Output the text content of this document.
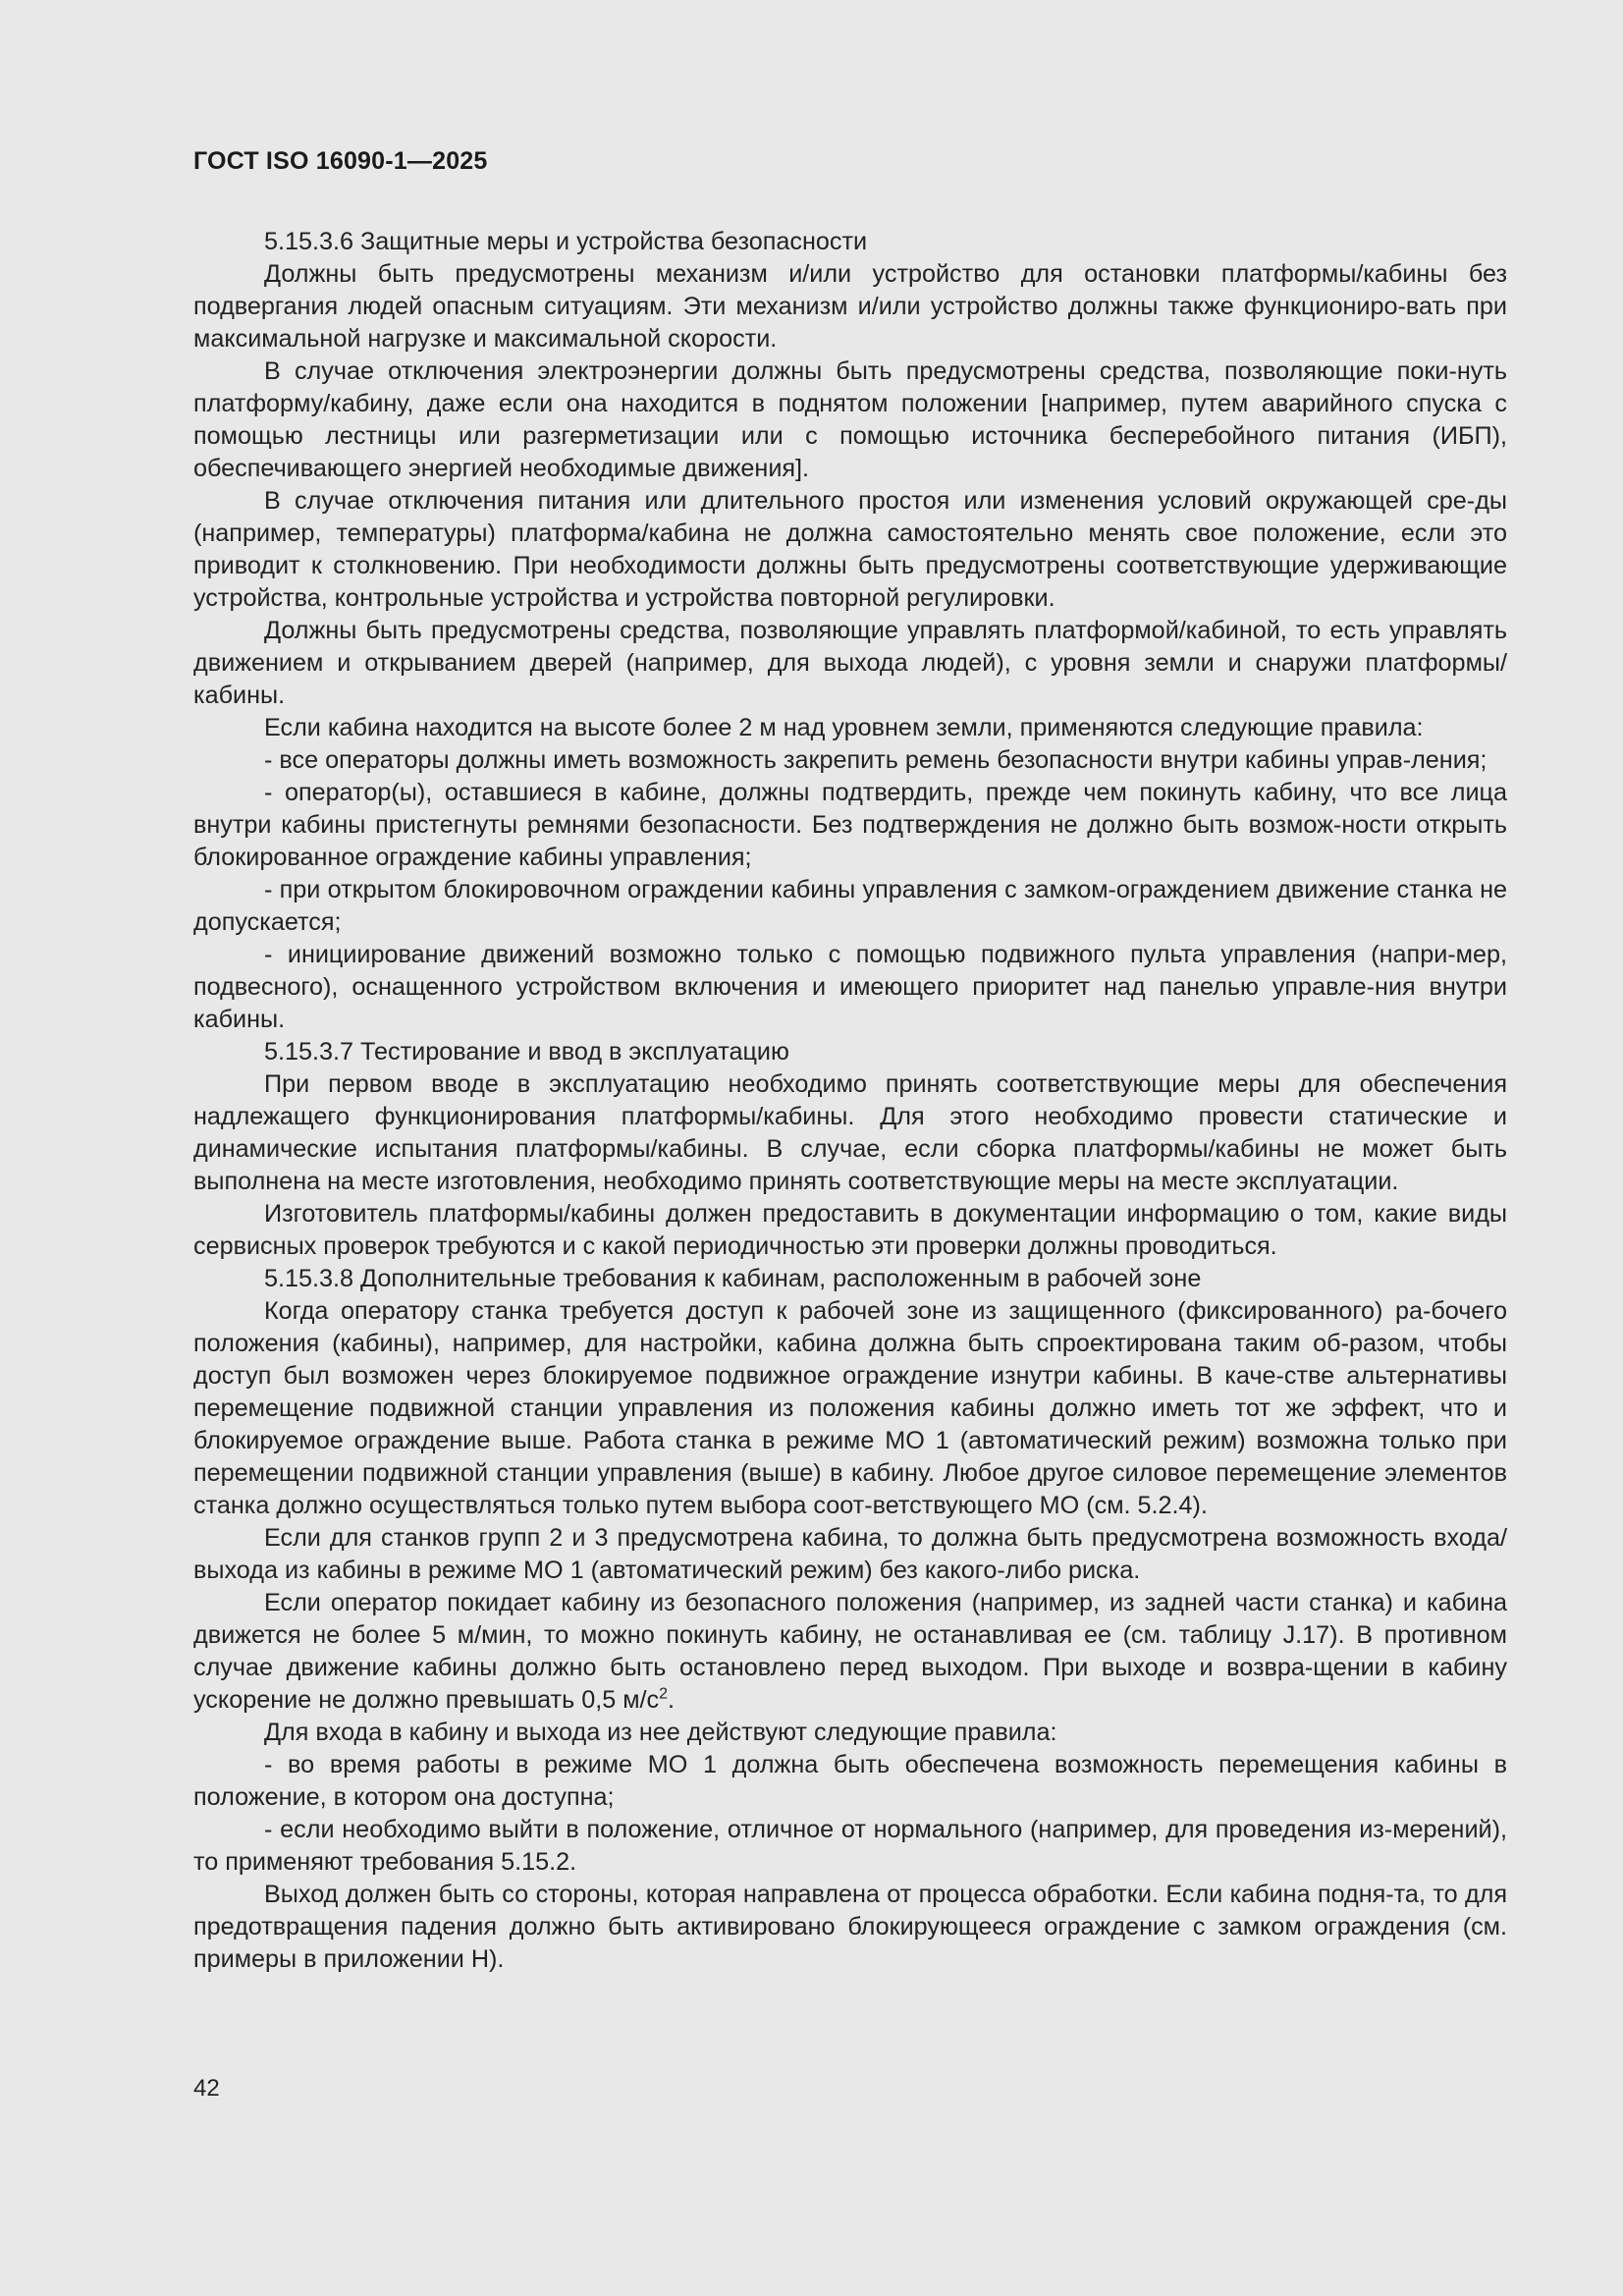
ГОСТ ISO 16090-1—2025

5.15.3.6 Защитные меры и устройства безопасности

Должны быть предусмотрены механизм и/или устройство для остановки платформы/кабины без подвергания людей опасным ситуациям. Эти механизм и/или устройство должны также функциониро-вать при максимальной нагрузке и максимальной скорости.

В случае отключения электроэнергии должны быть предусмотрены средства, позволяющие поки-нуть платформу/кабину, даже если она находится в поднятом положении [например, путем аварийного спуска с помощью лестницы или разгерметизации или с помощью источника бесперебойного питания (ИБП), обеспечивающего энергией необходимые движения].

В случае отключения питания или длительного простоя или изменения условий окружающей сре-ды (например, температуры) платформа/кабина не должна самостоятельно менять свое положение, если это приводит к столкновению. При необходимости должны быть предусмотрены соответствующие удерживающие устройства, контрольные устройства и устройства повторной регулировки.

Должны быть предусмотрены средства, позволяющие управлять платформой/кабиной, то есть управлять движением и открыванием дверей (например, для выхода людей), с уровня земли и снаружи платформы/кабины.

Если кабина находится на высоте более 2 м над уровнем земли, применяются следующие правила:

- все операторы должны иметь возможность закрепить ремень безопасности внутри кабины управ-ления;

- оператор(ы), оставшиеся в кабине, должны подтвердить, прежде чем покинуть кабину, что все лица внутри кабины пристегнуты ремнями безопасности. Без подтверждения не должно быть возмож-ности открыть блокированное ограждение кабины управления;

- при открытом блокировочном ограждении кабины управления с замком-ограждением движение станка не допускается;

- инициирование движений возможно только с помощью подвижного пульта управления (напри-мер, подвесного), оснащенного устройством включения и имеющего приоритет над панелью управле-ния внутри кабины.

5.15.3.7 Тестирование и ввод в эксплуатацию

При первом вводе в эксплуатацию необходимо принять соответствующие меры для обеспечения надлежащего функционирования платформы/кабины. Для этого необходимо провести статические и динамические испытания платформы/кабины. В случае, если сборка платформы/кабины не может быть выполнена на месте изготовления, необходимо принять соответствующие меры на месте эксплуатации.

Изготовитель платформы/кабины должен предоставить в документации информацию о том, какие виды сервисных проверок требуются и с какой периодичностью эти проверки должны проводиться.

5.15.3.8 Дополнительные требования к кабинам, расположенным в рабочей зоне

Когда оператору станка требуется доступ к рабочей зоне из защищенного (фиксированного) ра-бочего положения (кабины), например, для настройки, кабина должна быть спроектирована таким об-разом, чтобы доступ был возможен через блокируемое подвижное ограждение изнутри кабины. В каче-стве альтернативы перемещение подвижной станции управления из положения кабины должно иметь тот же эффект, что и блокируемое ограждение выше. Работа станка в режиме МО 1 (автоматический режим) возможна только при перемещении подвижной станции управления (выше) в кабину. Любое другое силовое перемещение элементов станка должно осуществляться только путем выбора соот-ветствующего МО (см. 5.2.4).

Если для станков групп 2 и 3 предусмотрена кабина, то должна быть предусмотрена возможность входа/выхода из кабины в режиме МО 1 (автоматический режим) без какого-либо риска.

Если оператор покидает кабину из безопасного положения (например, из задней части станка) и кабина движется не более 5 м/мин, то можно покинуть кабину, не останавливая ее (см. таблицу J.17). В противном случае движение кабины должно быть остановлено перед выходом. При выходе и возвра-щении в кабину ускорение не должно превышать 0,5 $м/с^2$.

Для входа в кабину и выхода из нее действуют следующие правила:

- во время работы в режиме МО 1 должна быть обеспечена возможность перемещения кабины в положение, в котором она доступна;

- если необходимо выйти в положение, отличное от нормального (например, для проведения из-мерений), то применяют требования 5.15.2.

Выход должен быть со стороны, которая направлена от процесса обработки. Если кабина подня-та, то для предотвращения падения должно быть активировано блокирующееся ограждение с замком ограждения (см. примеры в приложении Н).

42
